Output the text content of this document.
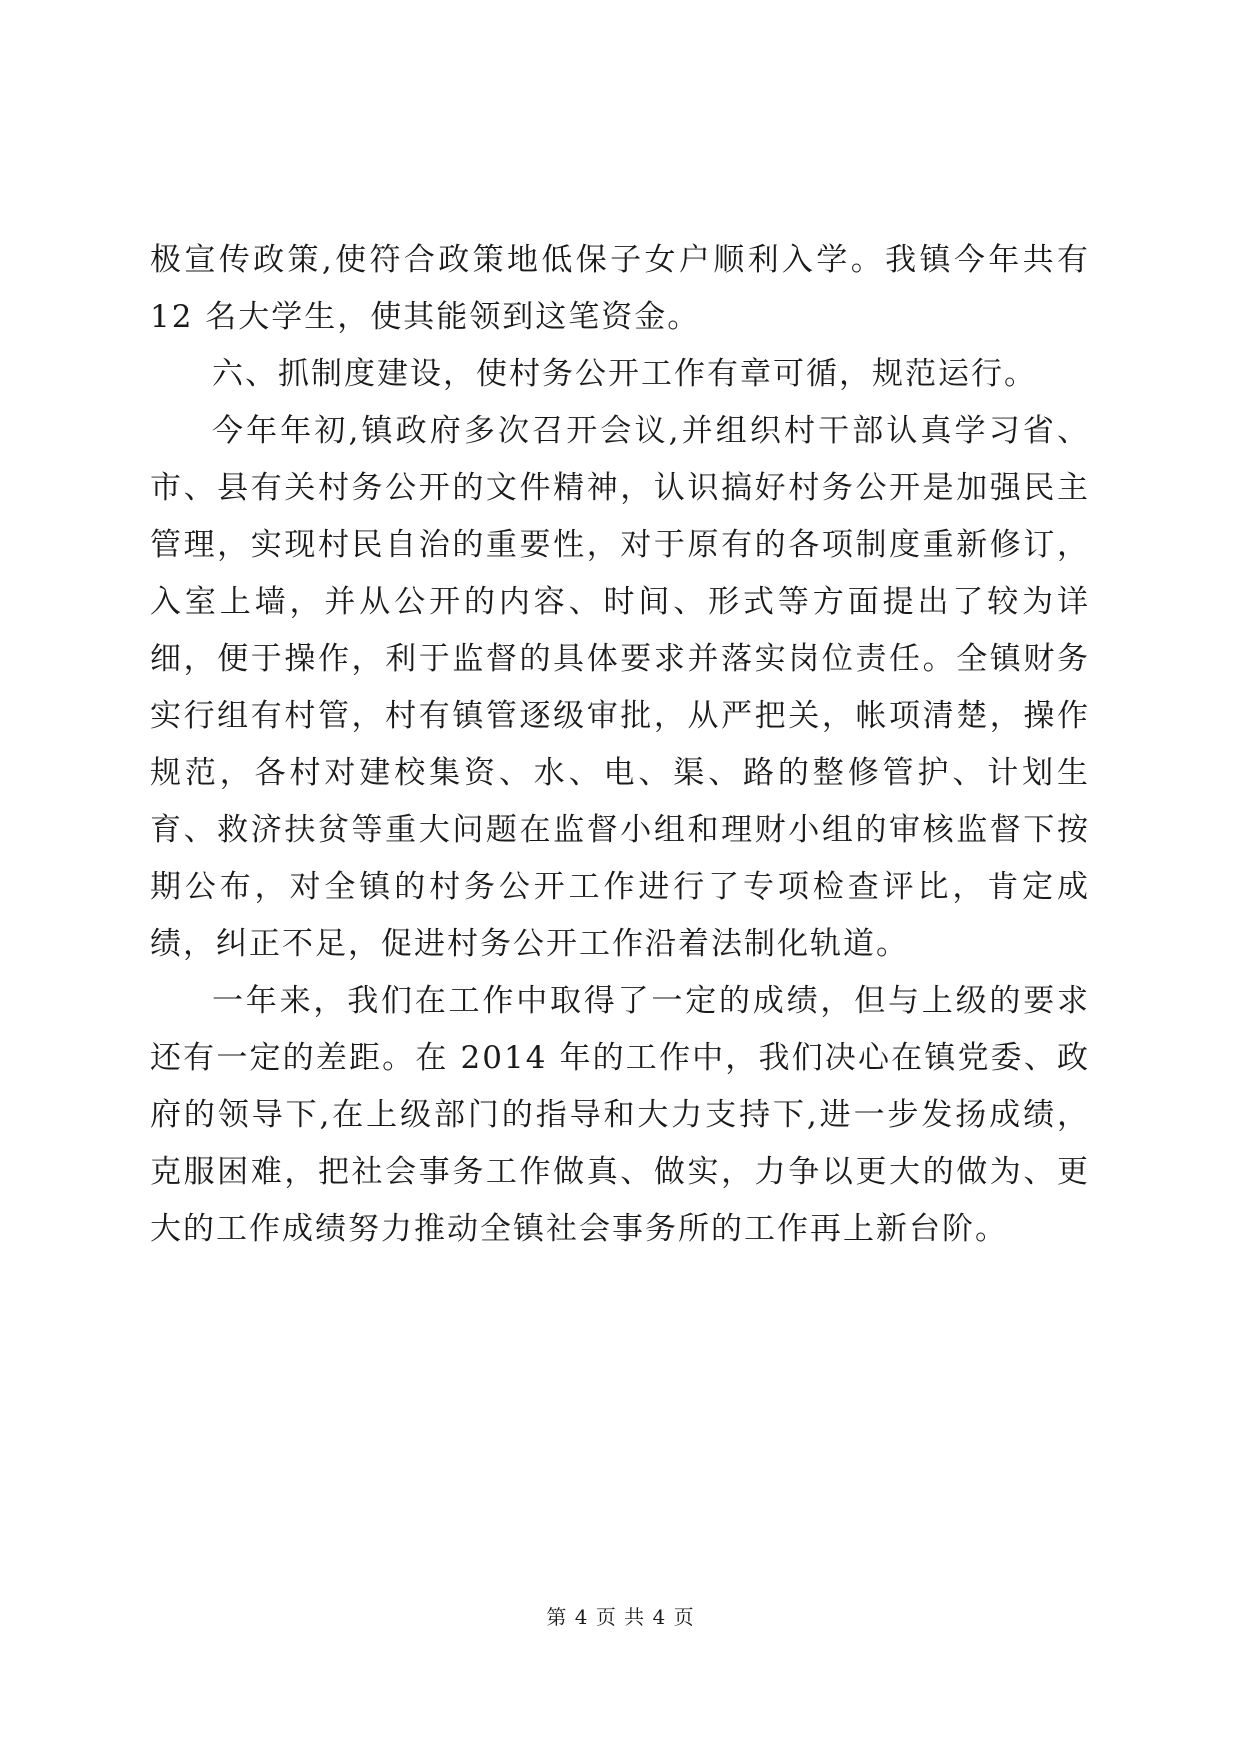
极宣传政策,使符合政策地低保子女户顺利入学。我镇今年共有 12 名大学生，使其能领到这笔资金。

六、抓制度建设，使村务公开工作有章可循，规范运行。

今年年初,镇政府多次召开会议,并组织村干部认真学习省、市、县有关村务公开的文件精神，认识搞好村务公开是加强民主管理，实现村民自治的重要性，对于原有的各项制度重新修订，入室上墙，并从公开的内容、时间、形式等方面提出了较为详细，便于操作，利于监督的具体要求并落实岗位责任。全镇财务实行组有村管，村有镇管逐级审批，从严把关，帐项清楚，操作规范，各村对建校集资、水、电、渠、路的整修管护、计划生育、救济扶贫等重大问题在监督小组和理财小组的审核监督下按期公布，对全镇的村务公开工作进行了专项检查评比，肯定成绩，纠正不足，促进村务公开工作沿着法制化轨道。

一年来，我们在工作中取得了一定的成绩，但与上级的要求还有一定的差距。在 2014 年的工作中，我们决心在镇党委、政府的领导下,在上级部门的指导和大力支持下,进一步发扬成绩，克服困难，把社会事务工作做真、做实，力争以更大的做为、更大的工作成绩努力推动全镇社会事务所的工作再上新台阶。

第 4 页 共 4 页
